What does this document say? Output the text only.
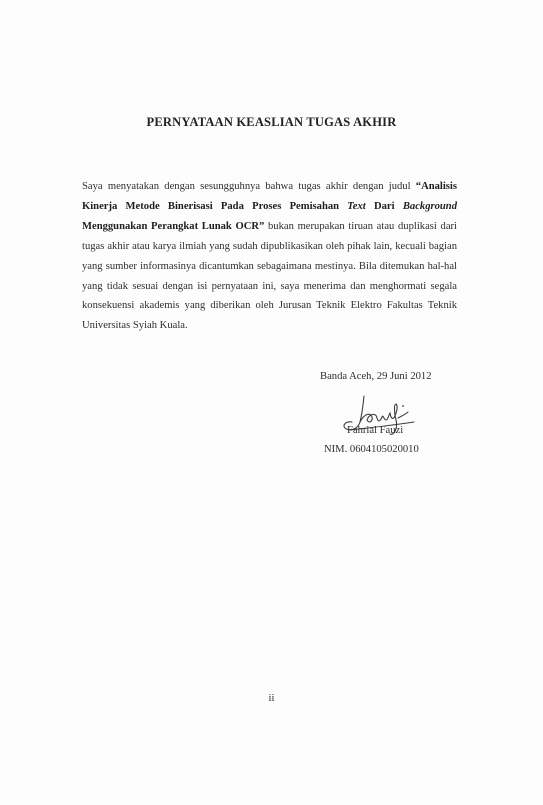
PERNYATAAN KEASLIAN TUGAS AKHIR
Saya menyatakan dengan sesungguhnya bahwa tugas akhir dengan judul “Analisis Kinerja Metode Binerisasi Pada Proses Pemisahan Text Dari Background Menggunakan Perangkat Lunak OCR” bukan merupakan tiruan atau duplikasi dari tugas akhir atau karya ilmiah yang sudah dipublikasikan oleh pihak lain, kecuali bagian yang sumber informasinya dicantumkan sebagaimana mestinya. Bila ditemukan hal-hal yang tidak sesuai dengan isi pernyataan ini, saya menerima dan menghormati segala konsekuensi akademis yang diberikan oleh Jurusan Teknik Elektro Fakultas Teknik Universitas Syiah Kuala.
Banda Aceh, 29 Juni 2012
Fahrial Fauzi
NIM. 0604105020010
ii
